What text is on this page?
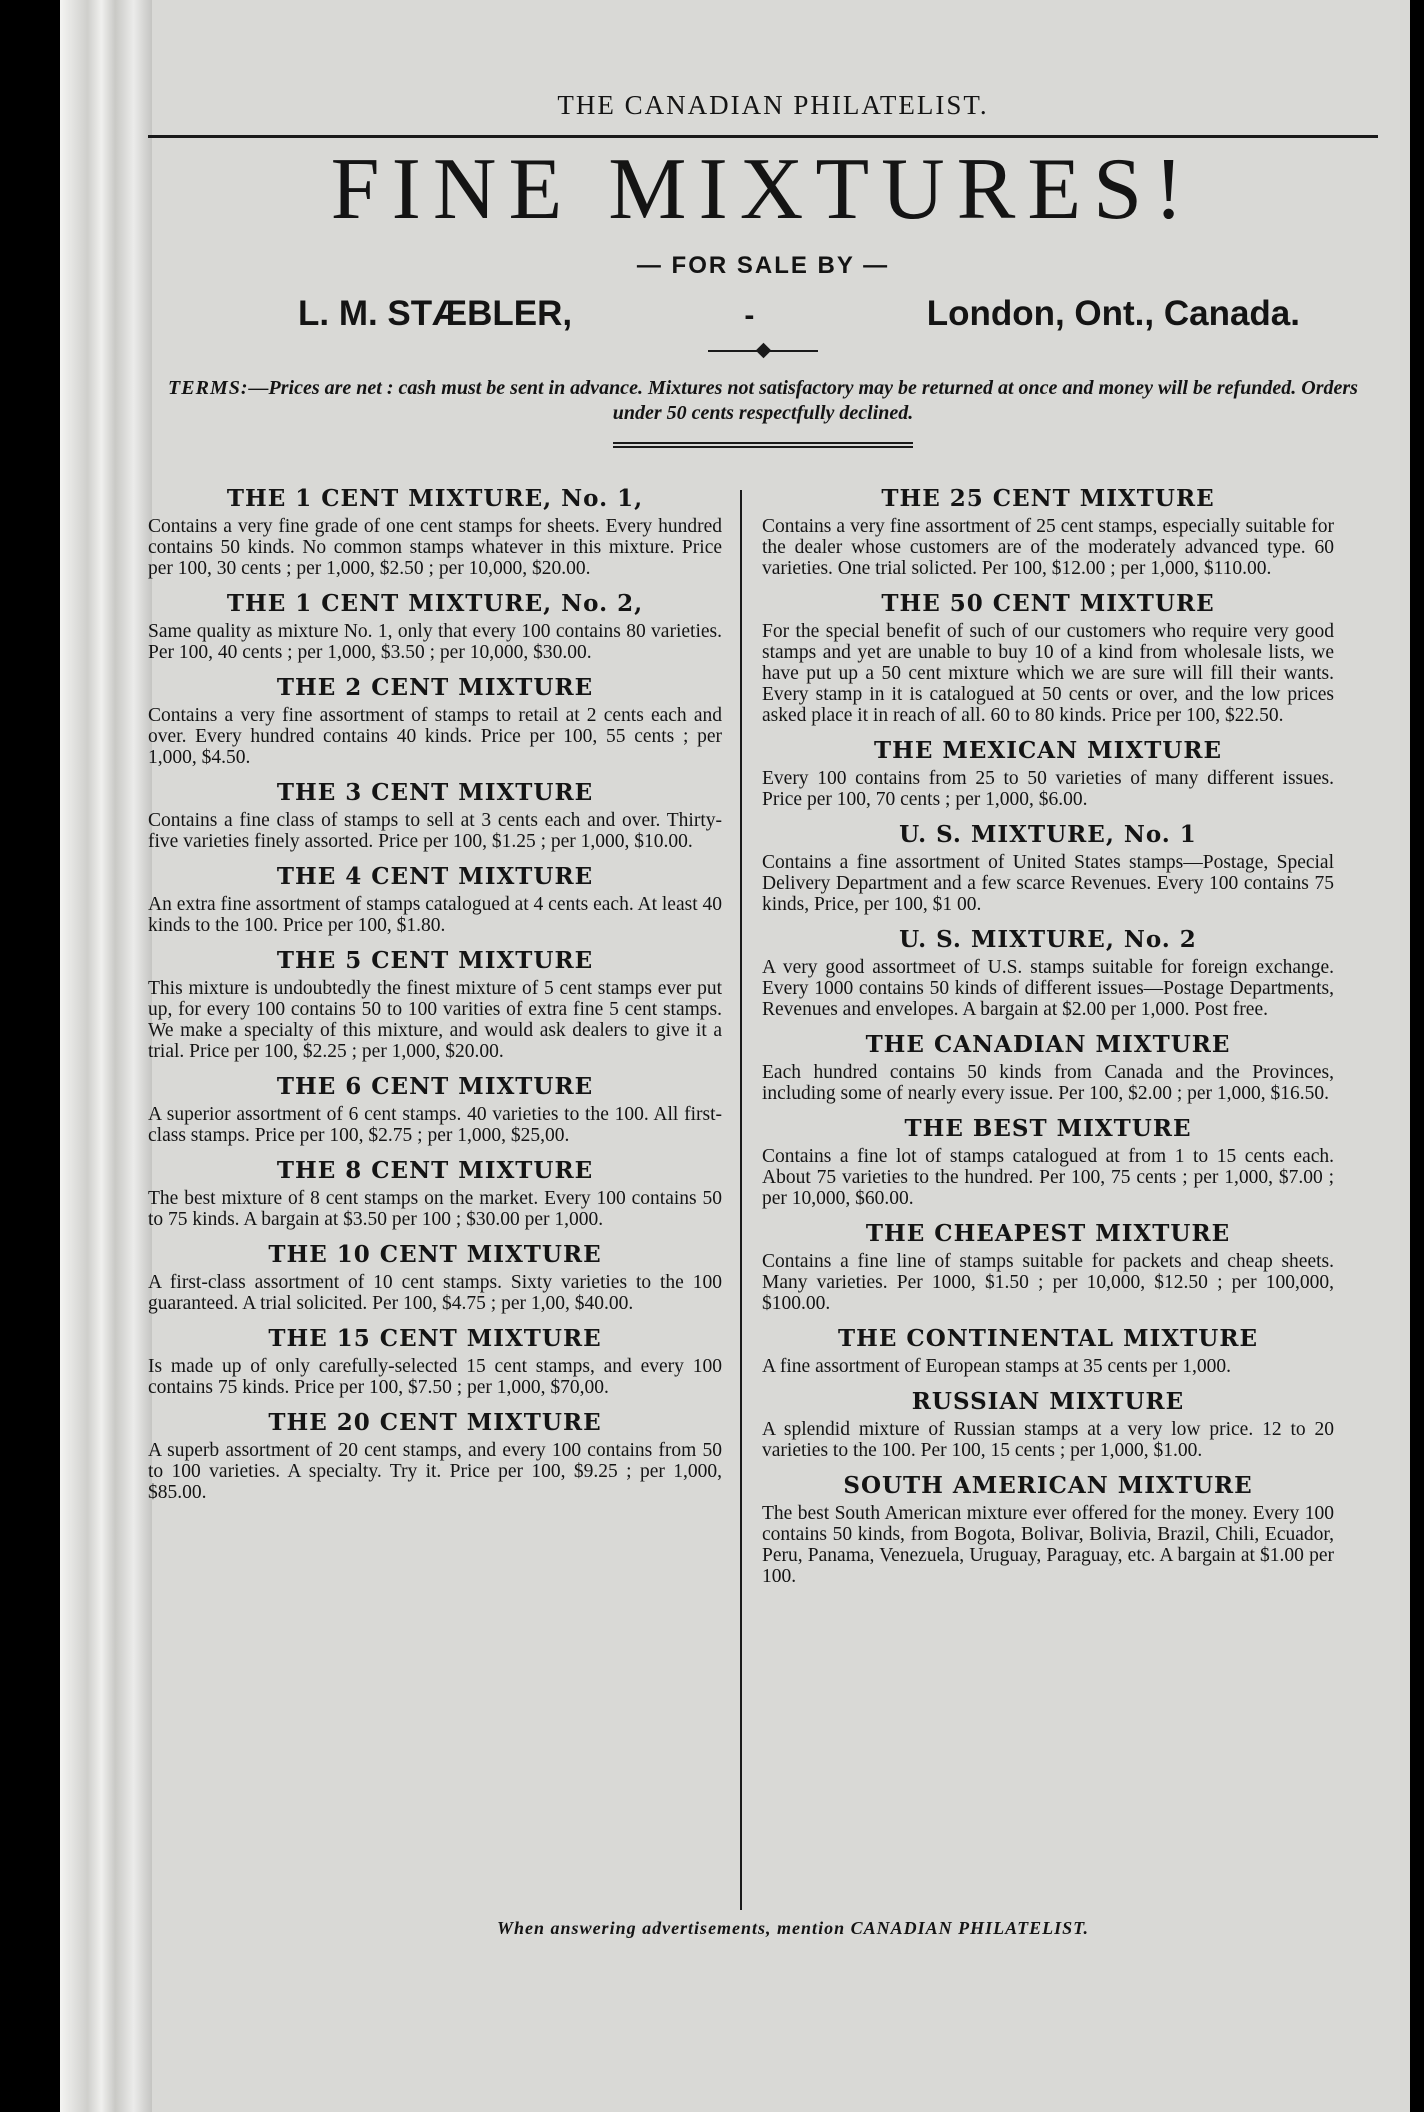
THE CANADIAN PHILATELIST.
FINE MIXTURES!
— FOR SALE BY —
L. M. STÆBLER,	-	London, Ont., Canada.
TERMS:—Prices are net : cash must be sent in advance. Mixtures not satisfactory may be returned at once and money will be refunded. Orders under 50 cents respectfully declined.
THE 1 CENT MIXTURE, No. 1,
Contains a very fine grade of one cent stamps for sheets. Every hundred contains 50 kinds. No common stamps whatever in this mixture. Price per 100, 30 cents ; per 1,000, $2.50 ; per 10,000, $20.00.
THE 1 CENT MIXTURE, No. 2,
Same quality as mixture No. 1, only that every 100 contains 80 varieties. Per 100, 40 cents ; per 1,000, $3.50 ; per 10,000, $30.00.
THE 2 CENT MIXTURE
Contains a very fine assortment of stamps to retail at 2 cents each and over. Every hundred contains 40 kinds. Price per 100, 55 cents ; per 1,000, $4.50.
THE 3 CENT MIXTURE
Contains a fine class of stamps to sell at 3 cents each and over. Thirty-five varieties finely assorted. Price per 100, $1.25 ; per 1,000, $10.00.
THE 4 CENT MIXTURE
An extra fine assortment of stamps catalogued at 4 cents each. At least 40 kinds to the 100. Price per 100, $1.80.
THE 5 CENT MIXTURE
This mixture is undoubtedly the finest mixture of 5 cent stamps ever put up, for every 100 contains 50 to 100 varities of extra fine 5 cent stamps. We make a specialty of this mixture, and would ask dealers to give it a trial. Price per 100, $2.25 ; per 1,000, $20.00.
THE 6 CENT MIXTURE
A superior assortment of 6 cent stamps. 40 varieties to the 100. All first-class stamps. Price per 100, $2.75 ; per 1,000, $25,00.
THE 8 CENT MIXTURE
The best mixture of 8 cent stamps on the market. Every 100 contains 50 to 75 kinds. A bargain at $3.50 per 100 ; $30.00 per 1,000.
THE 10 CENT MIXTURE
A first-class assortment of 10 cent stamps. Sixty varieties to the 100 guaranteed. A trial solicited. Per 100, $4.75 ; per 1,00, $40.00.
THE 15 CENT MIXTURE
Is made up of only carefully-selected 15 cent stamps, and every 100 contains 75 kinds. Price per 100, $7.50 ; per 1,000, $70,00.
THE 20 CENT MIXTURE
A superb assortment of 20 cent stamps, and every 100 contains from 50 to 100 varieties. A specialty. Try it. Price per 100, $9.25 ; per 1,000, $85.00.
THE 25 CENT MIXTURE
Contains a very fine assortment of 25 cent stamps, especially suitable for the dealer whose customers are of the moderately advanced type. 60 varieties. One trial solicted. Per 100, $12.00 ; per 1,000, $110.00.
THE 50 CENT MIXTURE
For the special benefit of such of our customers who require very good stamps and yet are unable to buy 10 of a kind from wholesale lists, we have put up a 50 cent mixture which we are sure will fill their wants. Every stamp in it is catalogued at 50 cents or over, and the low prices asked place it in reach of all. 60 to 80 kinds. Price per 100, $22.50.
THE MEXICAN MIXTURE
Every 100 contains from 25 to 50 varieties of many different issues. Price per 100, 70 cents ; per 1,000, $6.00.
U. S. MIXTURE, No. 1
Contains a fine assortment of United States stamps—Postage, Special Delivery Department and a few scarce Revenues. Every 100 contains 75 kinds, Price, per 100, $1 00.
U. S. MIXTURE, No. 2
A very good assortmeet of U.S. stamps suitable for foreign exchange. Every 1000 contains 50 kinds of different issues—Postage Departments, Revenues and envelopes. A bargain at $2.00 per 1,000. Post free.
THE CANADIAN MIXTURE
Each hundred contains 50 kinds from Canada and the Provinces, including some of nearly every issue. Per 100, $2.00 ; per 1,000, $16.50.
THE BEST MIXTURE
Contains a fine lot of stamps catalogued at from 1 to 15 cents each. About 75 varieties to the hundred. Per 100, 75 cents ; per 1,000, $7.00 ; per 10,000, $60.00.
THE CHEAPEST MIXTURE
Contains a fine line of stamps suitable for packets and cheap sheets. Many varieties. Per 1000, $1.50 ; per 10,000, $12.50 ; per 100,000, $100.00.
THE CONTINENTAL MIXTURE
A fine assortment of European stamps at 35 cents per 1,000.
RUSSIAN MIXTURE
A splendid mixture of Russian stamps at a very low price. 12 to 20 varieties to the 100. Per 100, 15 cents ; per 1,000, $1.00.
SOUTH AMERICAN MIXTURE
The best South American mixture ever offered for the money. Every 100 contains 50 kinds, from Bogota, Bolivar, Bolivia, Brazil, Chili, Ecuador, Peru, Panama, Venezuela, Uruguay, Paraguay, etc. A bargain at $1.00 per 100.
When answering advertisements, mention CANADIAN PHILATELIST.
